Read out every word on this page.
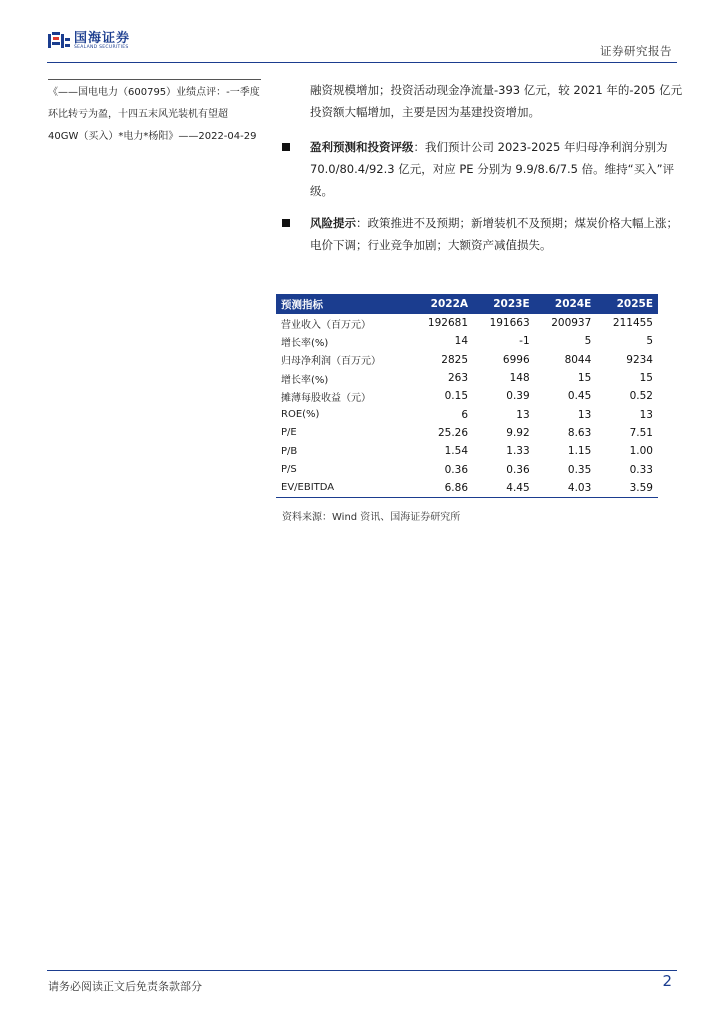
国海证券
SEALAND SECURITIES	证券研究报告
《——国电电力（600795）业绩点评：-一季度环比转亏为盈，十四五末风光装机有望超 40GW（买入）*电力*杨阳》——2022-04-29
融资规模增加；投资活动现金净流量-393 亿元，较 2021 年的-205 亿元投资额大幅增加，主要是因为基建投资增加。
盈利预测和投资评级：我们预计公司 2023-2025 年归母净利润分别为 70.0/80.4/92.3 亿元，对应 PE 分别为 9.9/8.6/7.5 倍。维持“买入”评级。
风险提示：政策推进不及预期；新增装机不及预期；煤炭价格大幅上涨；电价下调；行业竞争加剧；大额资产减值损失。
预测指标	2022A	2023E	2024E	2025E
营业收入（百万元）	192681	191663	200937	211455
增长率(%)	14	-1	5	5
归母净利润（百万元）	2825	6996	8044	9234
增长率(%)	263	148	15	15
摊薄每股收益（元）	0.15	0.39	0.45	0.52
ROE(%)	6	13	13	13
P/E	25.26	9.92	8.63	7.51
P/B	1.54	1.33	1.15	1.00
P/S	0.36	0.36	0.35	0.33
EV/EBITDA	6.86	4.45	4.03	3.59
资料来源：Wind 资讯、国海证券研究所
请务必阅读正文后免责条款部分	2
